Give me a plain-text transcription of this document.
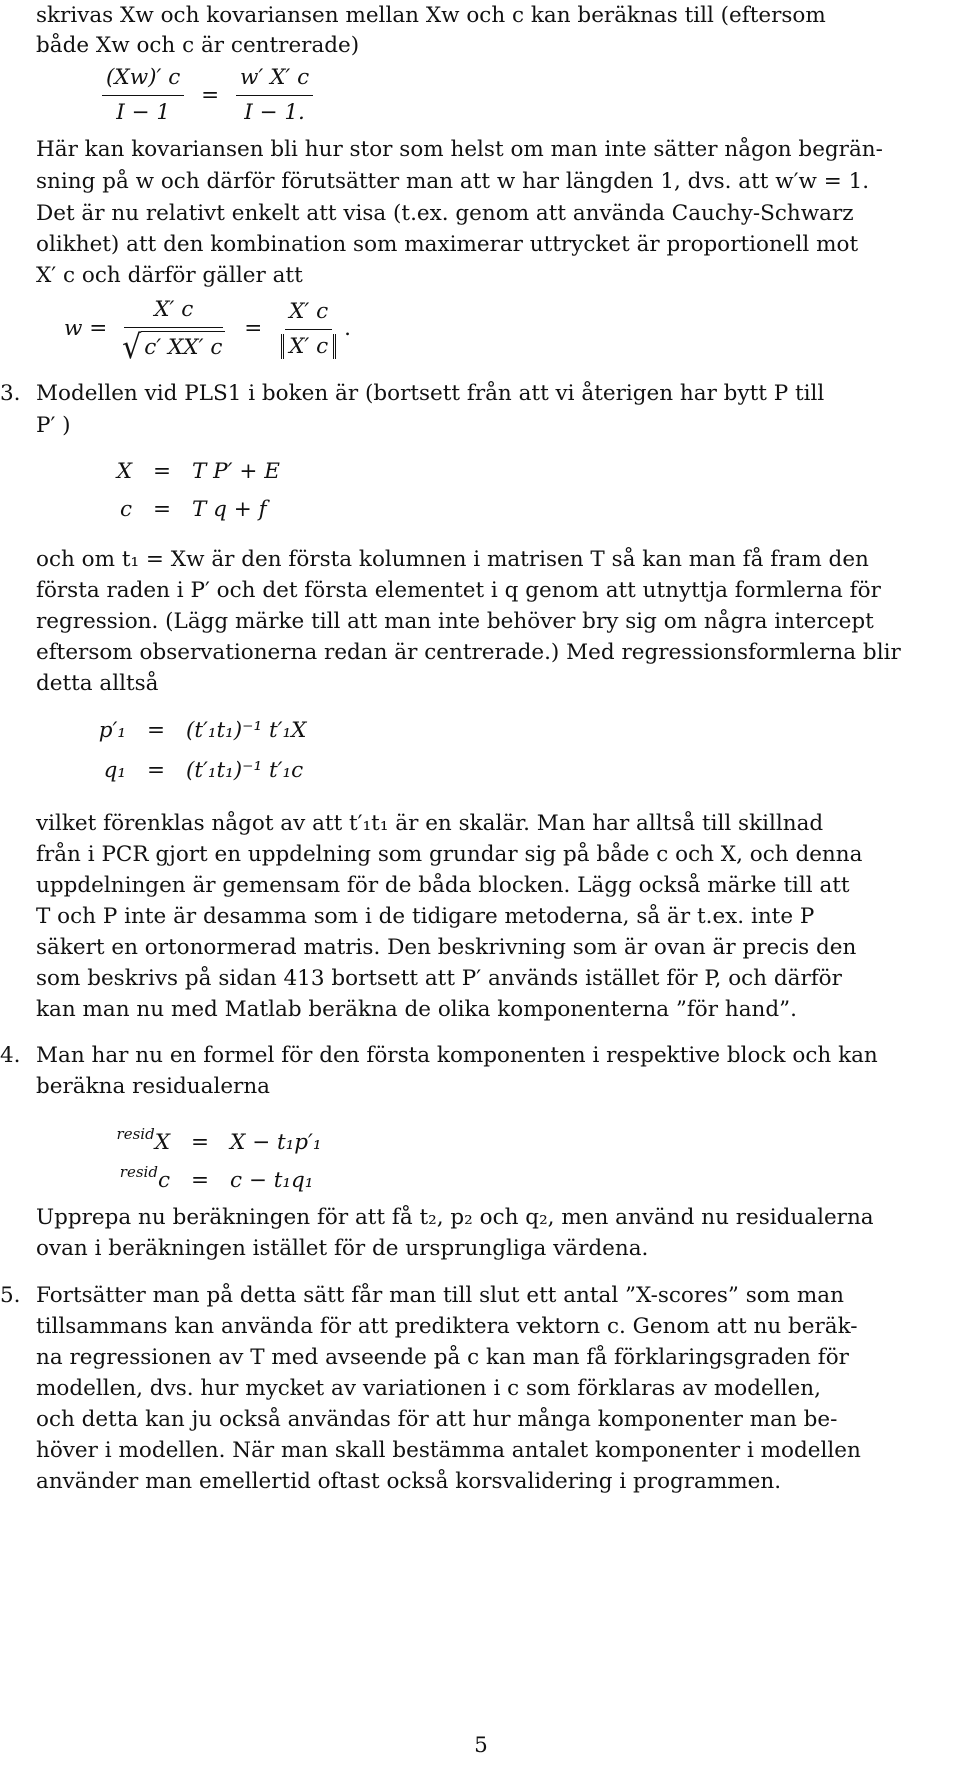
skrivas Xw och kovariansen mellan Xw och c kan beräknas till (eftersom
både Xw och c är centrerade)
$\frac{(Xw)' c}{I - 1} = \frac{w' X' c}{I - 1.}$
Här kan kovariansen bli hur stor som helst om man inte sätter någon begrän-
sning på w och därför förutsätter man att w har längden 1, dvs. att w′w = 1.
Det är nu relativt enkelt att visa (t.ex. genom att använda Cauchy-Schwarz
olikhet) att den kombination som maximerar uttrycket är proportionell mot
X′ c och därför gäller att
$w = \frac{X' c}{√ c' XX' c} = \frac{X' c}{X' c}$ .
3. Modellen vid PLS1 i boken är (bortsett från att vi återigen har bytt P till
P′ )
X = T P′ + E
c = T q + f
och om t₁ = Xw är den första kolumnen i matrisen T så kan man få fram den
första raden i P′ och det första elementet i q genom att utnyttja formlerna för
regression. (Lägg märke till att man inte behöver bry sig om några intercept
eftersom observationerna redan är centrerade.) Med regressionsformlerna blir
detta alltså
p′₁ = (t′₁t₁)⁻¹ t′₁X
q₁ = (t′₁t₁)⁻¹ t′₁c
vilket förenklas något av att t′₁t₁ är en skalär. Man har alltså till skillnad
från i PCR gjort en uppdelning som grundar sig på både c och X, och denna
uppdelningen är gemensam för de båda blocken. Lägg också märke till att
T och P inte är desamma som i de tidigare metoderna, så är t.ex. inte P
säkert en ortonormerad matris. Den beskrivning som är ovan är precis den
som beskrivs på sidan 413 bortsett att P′ används istället för P, och därför
kan man nu med Matlab beräkna de olika komponenterna ”för hand”.
4. Man har nu en formel för den första komponenten i respektive block och kan
beräkna residualerna
$^{resid}$X = X − t₁p′₁
$^{resid}$c = c − t₁q₁
Upprepa nu beräkningen för att få t₂, p₂ och q₂, men använd nu residualerna
ovan i beräkningen istället för de ursprungliga värdena.
5. Fortsätter man på detta sätt får man till slut ett antal ”X-scores” som man
tillsammans kan använda för att prediktera vektorn c. Genom att nu beräk-
na regressionen av T med avseende på c kan man få förklaringsgraden för
modellen, dvs. hur mycket av variationen i c som förklaras av modellen,
och detta kan ju också användas för att hur många komponenter man be-
höver i modellen. När man skall bestämma antalet komponenter i modellen
använder man emellertid oftast också korsvalidering i programmen.
5
